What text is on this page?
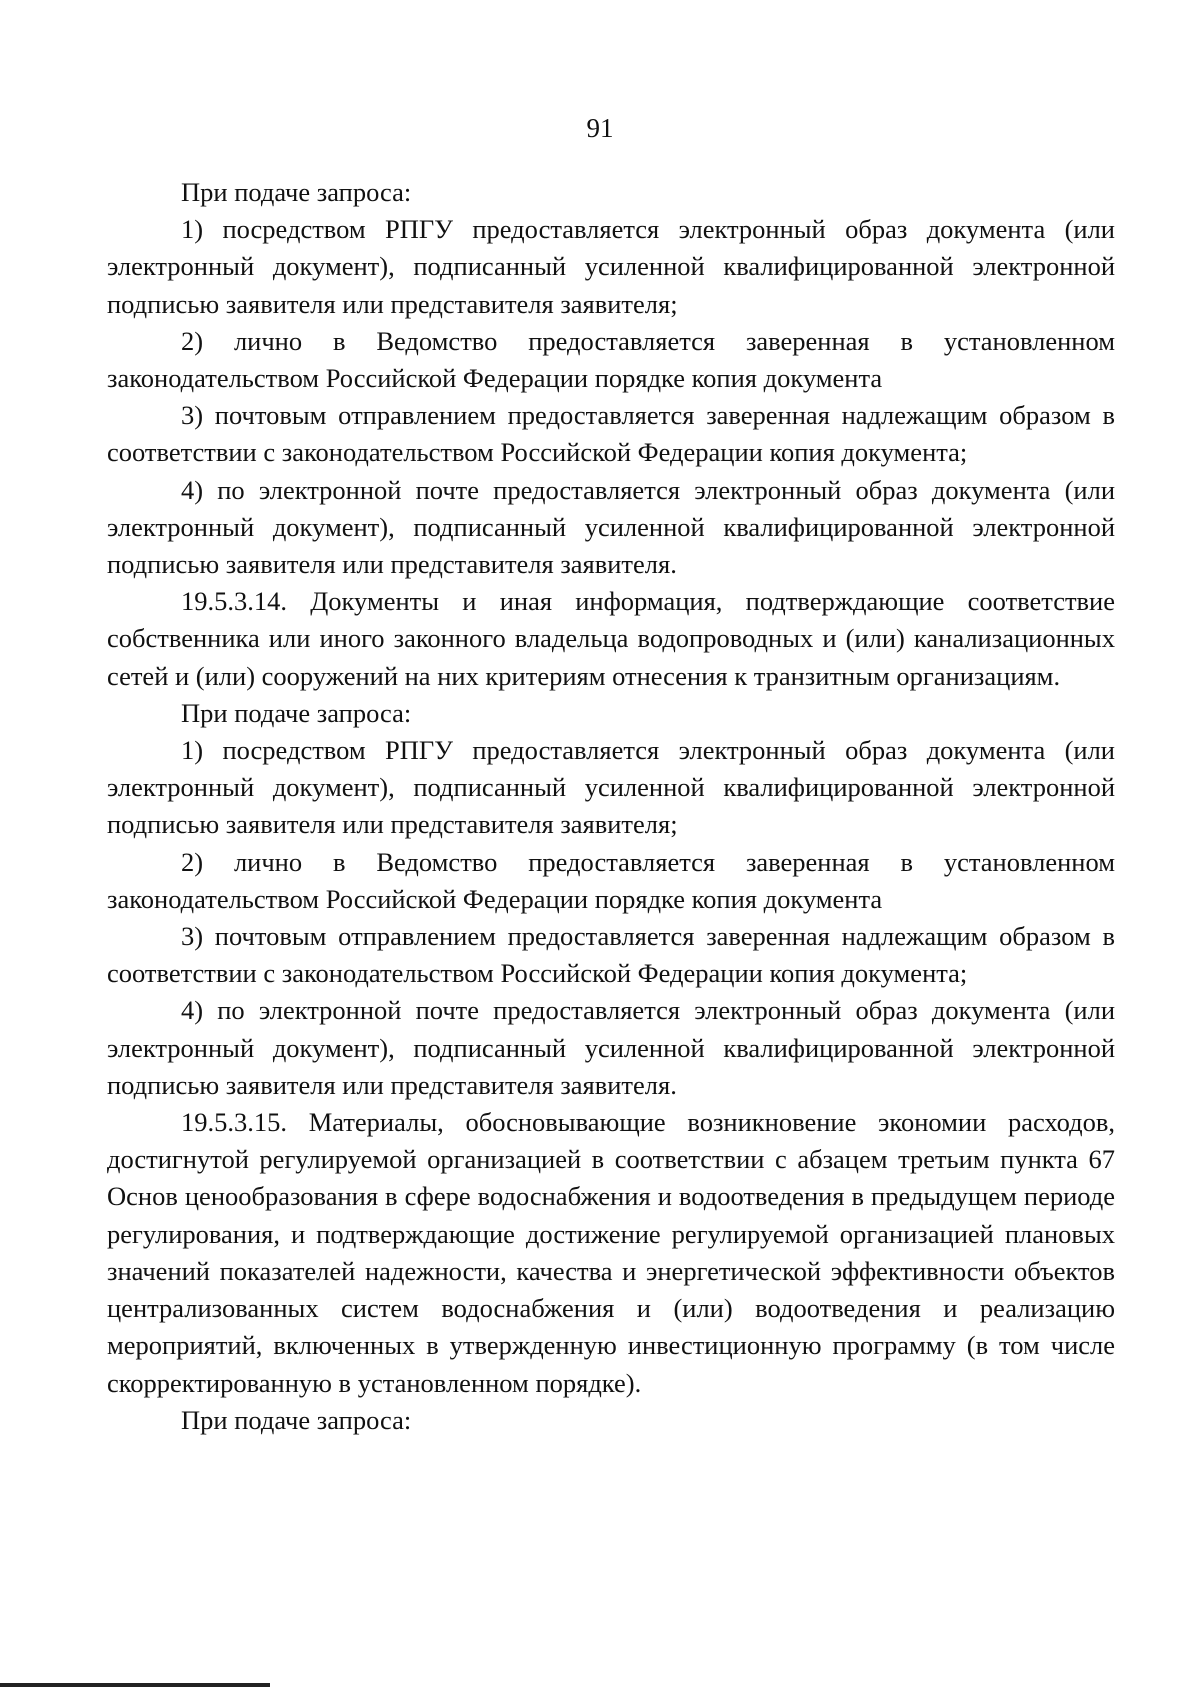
91

При подаче запроса:

1) посредством РПГУ предоставляется электронный образ документа (или электронный документ), подписанный усиленной квалифицированной электронной подписью заявителя или представителя заявителя;

2) лично в Ведомство предоставляется заверенная в установленном законодательством Российской Федерации порядке копия документа

3) почтовым отправлением предоставляется заверенная надлежащим образом в соответствии с законодательством Российской Федерации копия документа;

4) по электронной почте предоставляется электронный образ документа (или электронный документ), подписанный усиленной квалифицированной электронной подписью заявителя или представителя заявителя.

19.5.3.14. Документы и иная информация, подтверждающие соответствие собственника или иного законного владельца водопроводных и (или) канализационных сетей и (или) сооружений на них критериям отнесения к транзитным организациям.

При подаче запроса:

1) посредством РПГУ предоставляется электронный образ документа (или электронный документ), подписанный усиленной квалифицированной электронной подписью заявителя или представителя заявителя;

2) лично в Ведомство предоставляется заверенная в установленном законодательством Российской Федерации порядке копия документа

3) почтовым отправлением предоставляется заверенная надлежащим образом в соответствии с законодательством Российской Федерации копия документа;

4) по электронной почте предоставляется электронный образ документа (или электронный документ), подписанный усиленной квалифицированной электронной подписью заявителя или представителя заявителя.

19.5.3.15. Материалы, обосновывающие возникновение экономии расходов, достигнутой регулируемой организацией в соответствии с абзацем третьим пункта 67 Основ ценообразования в сфере водоснабжения и водоотведения в предыдущем периоде регулирования, и подтверждающие достижение регулируемой организацией плановых значений показателей надежности, качества и энергетической эффективности объектов централизованных систем водоснабжения и (или) водоотведения и реализацию мероприятий, включенных в утвержденную инвестиционную программу (в том числе скорректированную в установленном порядке).

При подаче запроса:
